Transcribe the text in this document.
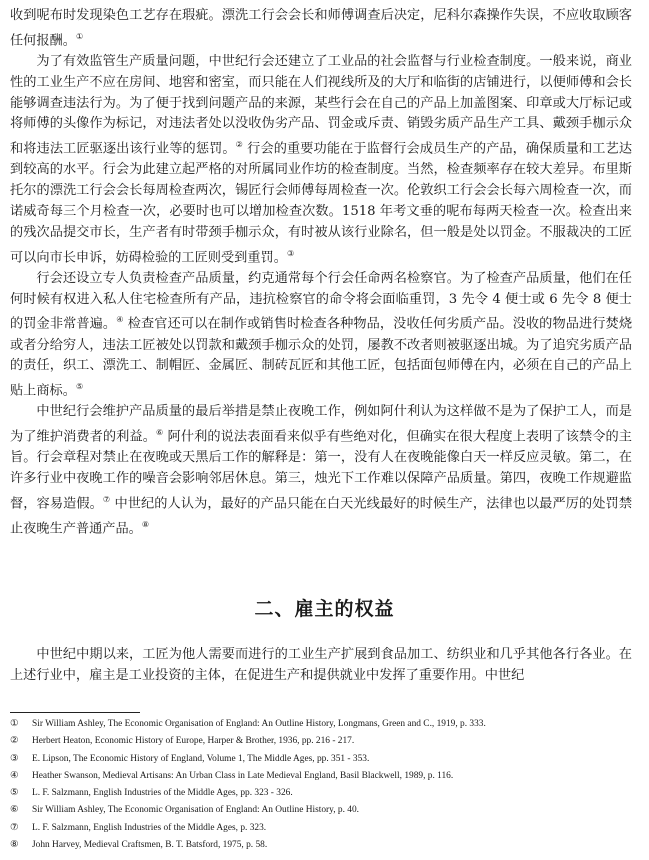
收到呢布时发现染色工艺存在瑕疵。漂洗工行会会长和师傅调查后决定，尼科尔森操作失误，不应收取顾客任何报酬。①

为了有效监管生产质量问题，中世纪行会还建立了工业品的社会监督与行业检查制度。一般来说，商业性的工业生产不应在房间、地窖和密室，而只能在人们视线所及的大厅和临街的店铺进行，以便师傅和会长能够调查违法行为。为了便于找到问题产品的来源，某些行会在自己的产品上加盖图案、印章或大厅标记或将师傅的头像作为标记，对违法者处以没收伪劣产品、罚金或斥责、销毁劣质产品生产工具、戴颈手枷示众和将违法工匠驱逐出该行业等的惩罚。② 行会的重要功能在于监督行会成员生产的产品，确保质量和工艺达到较高的水平。行会为此建立起严格的对所属同业作坊的检查制度。当然，检查频率存在较大差异。布里斯托尔的漂洗工行会会长每周检查两次，锡匠行会师傅每周检查一次。伦敦织工行会会长每六周检查一次，而诺威奇每三个月检查一次，必要时也可以增加检查次数。1518 年考文垂的呢布每两天检查一次。检查出来的残次品提交市长，生产者有时带颈手枷示众，有时被从该行业除名，但一般是处以罚金。不服裁决的工匠可以向市长申诉，妨碍检验的工匠则受到重罚。③

行会还设立专人负责检查产品质量，约克通常每个行会任命两名检察官。为了检查产品质量，他们在任何时候有权进入私人住宅检查所有产品，违抗检察官的命令将会面临重罚，3 先令 4 便士或 6 先令 8 便士的罚金非常普遍。④ 检查官还可以在制作或销售时检查各种物品，没收任何劣质产品。没收的物品进行焚烧或者分给穷人，违法工匠被处以罚款和戴颈手枷示众的处罚，屡教不改者则被驱逐出城。为了追究劣质产品的责任，织工、漂洗工、制帽匠、金属匠、制砖瓦匠和其他工匠，包括面包师傅在内，必须在自己的产品上贴上商标。⑤

中世纪行会维护产品质量的最后举措是禁止夜晚工作，例如阿什利认为这样做不是为了保护工人，而是为了维护消费者的利益。⑥ 阿什利的说法表面看来似乎有些绝对化，但确实在很大程度上表明了该禁令的主旨。行会章程对禁止在夜晚或天黑后工作的解释是：第一，没有人在夜晚能像白天一样反应灵敏。第二，在许多行业中夜晚工作的噪音会影响邻居休息。第三，烛光下工作难以保障产品质量。第四，夜晚工作规避监督，容易造假。⑦ 中世纪的人认为，最好的产品只能在白天光线最好的时候生产，法律也以最严厉的处罚禁止夜晚生产普通产品。⑧

二、雇主的权益

中世纪中期以来，工匠为他人需要而进行的工业生产扩展到食品加工、纺织业和几乎其他各行各业。在上述行业中，雇主是工业投资的主体，在促进生产和提供就业中发挥了重要作用。中世纪

①	Sir William Ashley, The Economic Organisation of England: An Outline History, Longmans, Green and C., 1919, p. 333.
②	Herbert Heaton, Economic History of Europe, Harper & Brother, 1936, pp. 216 - 217.
③	E. Lipson, The Economic History of England, Volume 1, The Middle Ages, pp. 351 - 353.
④	Heather Swanson, Medieval Artisans: An Urban Class in Late Medieval England, Basil Blackwell, 1989, p. 116.
⑤	L. F. Salzmann, English Industries of the Middle Ages, pp. 323 - 326.
⑥	Sir William Ashley, The Economic Organisation of England: An Outline History, p. 40.
⑦	L. F. Salzmann, English Industries of the Middle Ages, p. 323.
⑧	John Harvey, Medieval Craftsmen, B. T. Batsford, 1975, p. 58.
